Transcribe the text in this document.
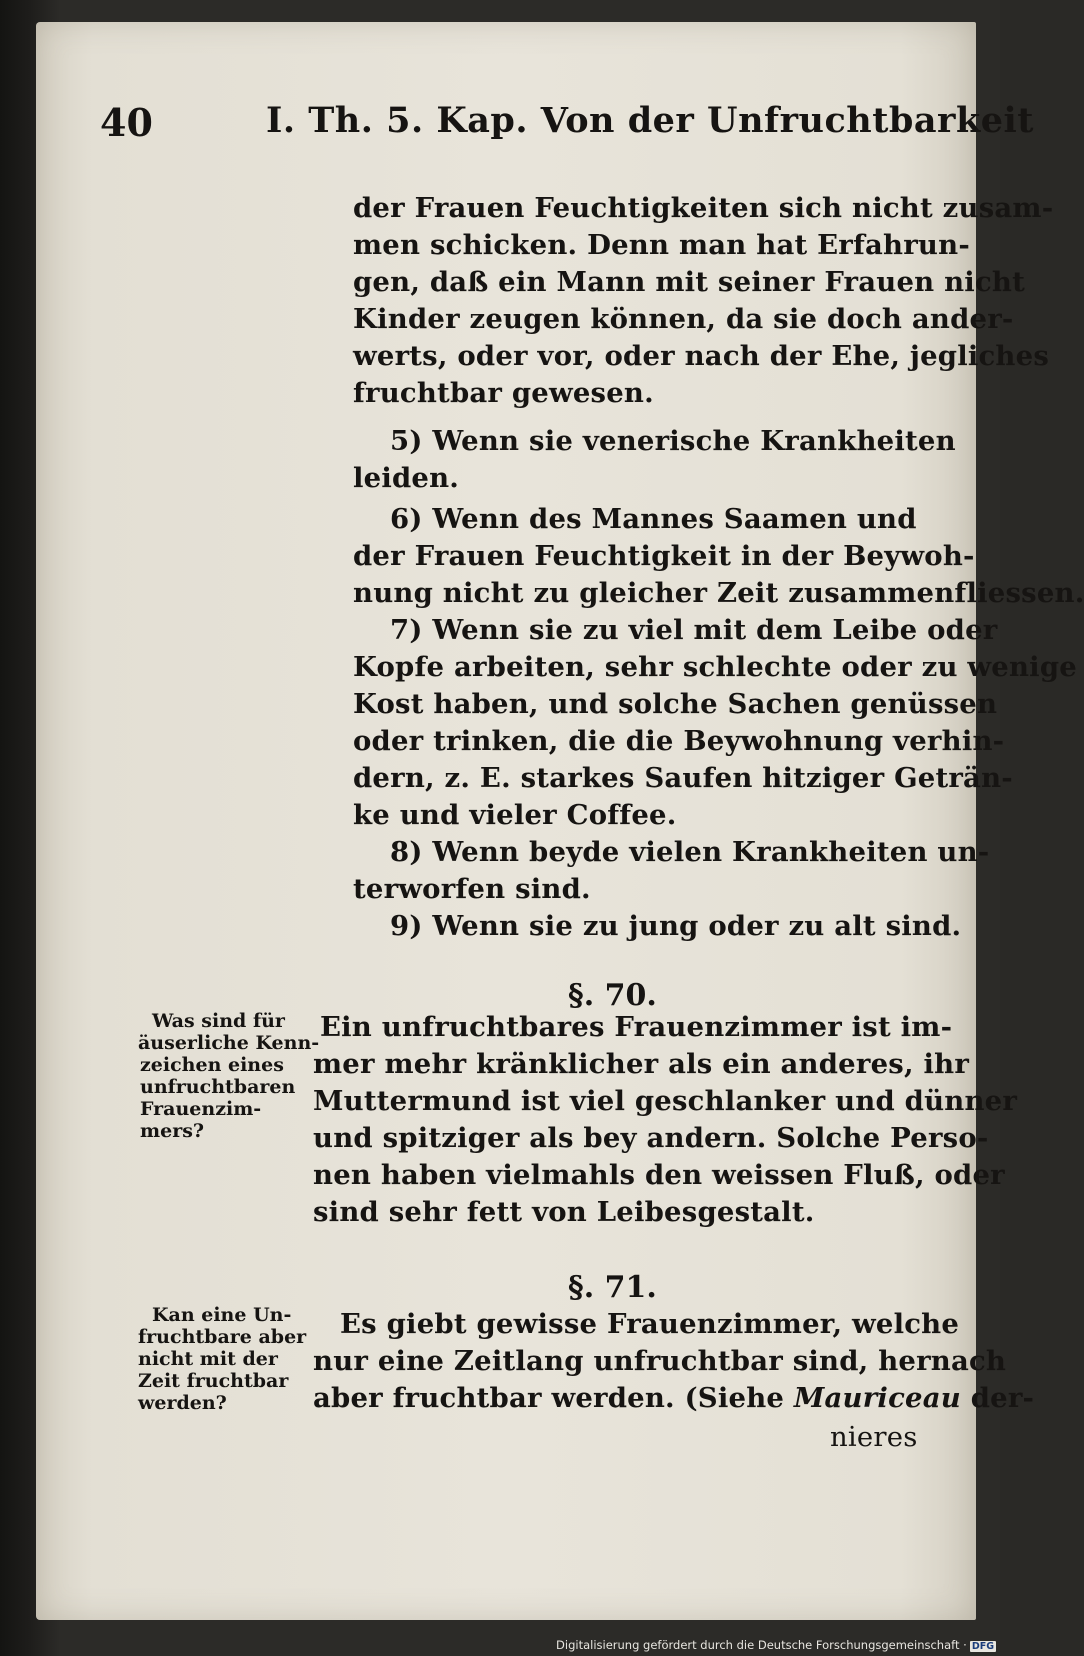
40	I. Th. 5. Kap. Von der Unfruchtbarkeit
der Frauen Feuchtigkeiten sich nicht zusam-
men schicken. Denn man hat Erfahrun-
gen, daß ein Mann mit seiner Frauen nicht
Kinder zeugen können, da sie doch ander-
werts, oder vor, oder nach der Ehe, jegliches
fruchtbar gewesen.
5) Wenn sie venerische Krankheiten
leiden.
6) Wenn des Mannes Saamen und
der Frauen Feuchtigkeit in der Beywoh-
nung nicht zu gleicher Zeit zusammenfliessen.
7) Wenn sie zu viel mit dem Leibe oder
Kopfe arbeiten, sehr schlechte oder zu wenige
Kost haben, und solche Sachen genüssen
oder trinken, die die Beywohnung verhin-
dern, z. E. starkes Saufen hitziger Geträn-
ke und vieler Coffee.
8) Wenn beyde vielen Krankheiten un-
terworfen sind.
9) Wenn sie zu jung oder zu alt sind.
§. 70.
Ein unfruchtbares Frauenzimmer ist im-
mer mehr kränklicher als ein anderes, ihr
Muttermund ist viel geschlanker und dünner
und spitziger als bey andern. Solche Perso-
nen haben vielmahls den weissen Fluß, oder
sind sehr fett von Leibesgestalt.
Was sind für
äuserliche Kenn-
zeichen eines
unfruchtbaren
Frauenzim-
mers?
§. 71.
Es giebt gewisse Frauenzimmer, welche
nur eine Zeitlang unfruchtbar sind, hernach
aber fruchtbar werden. (Siehe Mauriceau der-
nieres
Kan eine Un-
fruchtbare aber
nicht mit der
Zeit fruchtbar
werden?
Digitalisierung gefördert durch die Deutsche Forschungsgemeinschaft · DFG
